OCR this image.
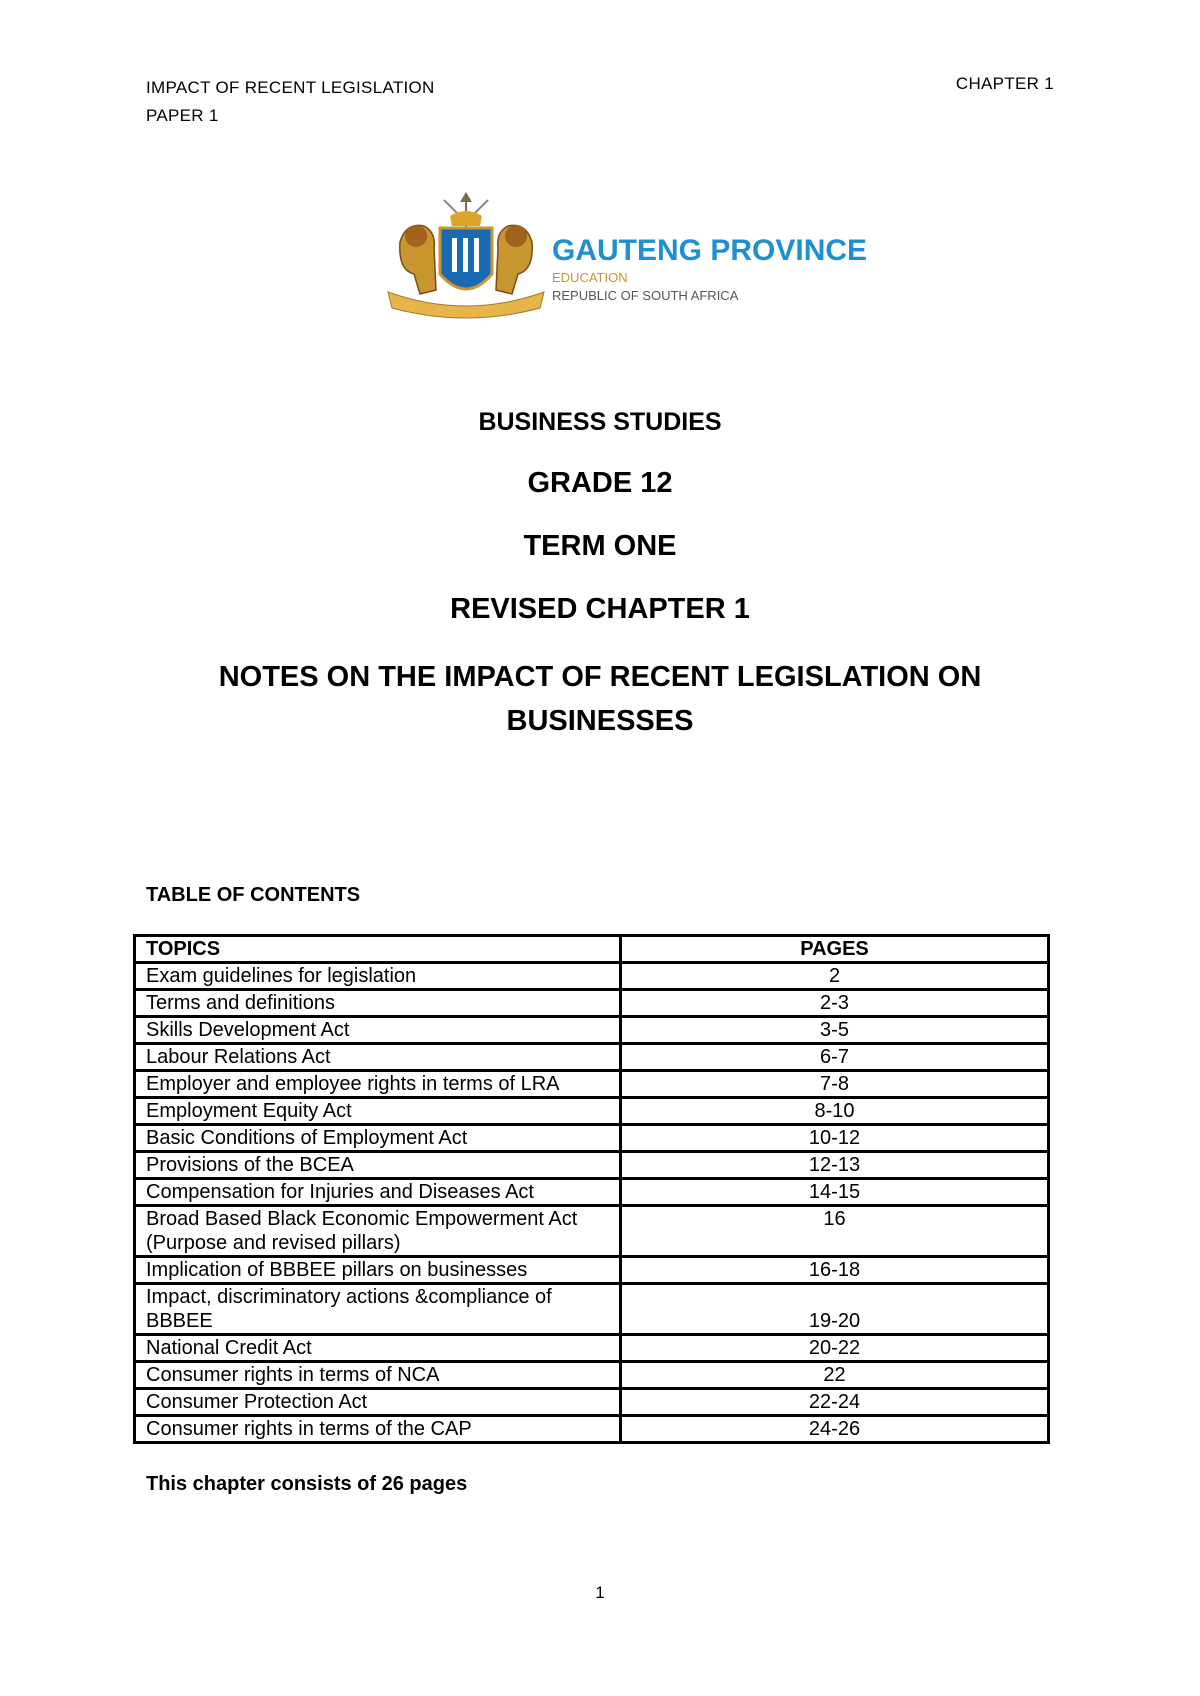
IMPACT OF RECENT LEGISLATION
PAPER 1
CHAPTER 1
GAUTENG PROVINCE
EDUCATION
REPUBLIC OF SOUTH AFRICA
BUSINESS STUDIES
GRADE 12
TERM ONE
REVISED CHAPTER 1
NOTES ON THE IMPACT OF RECENT LEGISLATION ON
BUSINESSES
TABLE OF CONTENTS
TOPICS	PAGES
Exam guidelines for legislation	2
Terms and definitions	2-3
Skills Development Act	3-5
Labour Relations Act	6-7
Employer and employee rights in terms of LRA	7-8
Employment Equity Act	8-10
Basic Conditions of Employment Act	10-12
Provisions of the BCEA	12-13
Compensation for Injuries and Diseases Act	14-15
Broad Based Black Economic Empowerment Act (Purpose and revised pillars)	16
Implication of BBBEE pillars on businesses	16-18
Impact, discriminatory actions &compliance of BBBEE	19-20
National Credit Act	20-22
Consumer rights in terms of NCA	22
Consumer Protection Act	22-24
Consumer rights in terms of the CAP	24-26
This chapter consists of 26 pages
1
